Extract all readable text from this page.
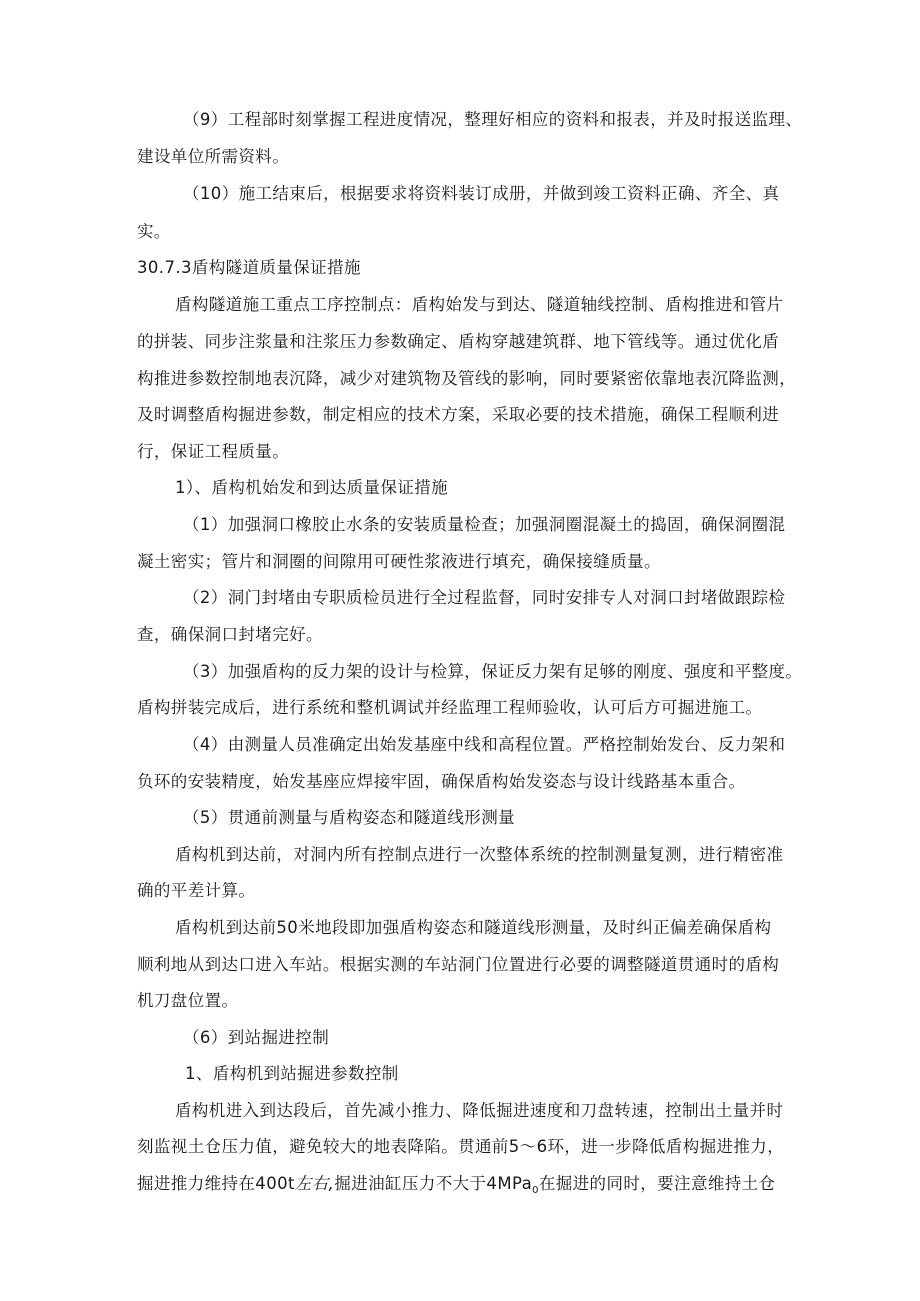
（9）工程部时刻掌握工程进度情况，整理好相应的资料和报表，并及时报送监理、
建设单位所需资料。
（10）施工结束后，根据要求将资料装订成册，并做到竣工资料正确、齐全、真
实。
30.7.3盾构隧道质量保证措施
盾构隧道施工重点工序控制点：盾构始发与到达、隧道轴线控制、盾构推进和管片
的拼装、同步注浆量和注浆压力参数确定、盾构穿越建筑群、地下管线等。通过优化盾
构推进参数控制地表沉降，减少对建筑物及管线的影响，同时要紧密依靠地表沉降监测，
及时调整盾构掘进参数，制定相应的技术方案，采取必要的技术措施，确保工程顺利进
行，保证工程质量。
1）、盾构机始发和到达质量保证措施
（1）加强洞口橡胶止水条的安装质量检查；加强洞圈混凝土的捣固，确保洞圈混
凝土密实；管片和洞圈的间隙用可硬性浆液进行填充，确保接缝质量。
（2）洞门封堵由专职质检员进行全过程监督，同时安排专人对洞口封堵做跟踪检
查，确保洞口封堵完好。
（3）加强盾构的反力架的设计与检算，保证反力架有足够的刚度、强度和平整度。
盾构拼装完成后，进行系统和整机调试并经监理工程师验收，认可后方可掘进施工。
（4）由测量人员准确定出始发基座中线和高程位置。严格控制始发台、反力架和
负环的安装精度，始发基座应焊接牢固，确保盾构始发姿态与设计线路基本重合。
（5）贯通前测量与盾构姿态和隧道线形测量
盾构机到达前，对洞内所有控制点进行一次整体系统的控制测量复测，进行精密准
确的平差计算。
盾构机到达前50米地段即加强盾构姿态和隧道线形测量，及时纠正偏差确保盾构
顺利地从到达口进入车站。根据实测的车站洞门位置进行必要的调整隧道贯通时的盾构
机刀盘位置。
（6）到站掘进控制
1、盾构机到站掘进参数控制
盾构机进入到达段后，首先减小推力、降低掘进速度和刀盘转速，控制出土量并时
刻监视土仓压力值，避免较大的地表降陷。贯通前5～6环，进一步降低盾构掘进推力，
掘进推力维持在400t左右,掘进油缸压力不大于4MPa$_0$在掘进的同时，要注意维持土仓
